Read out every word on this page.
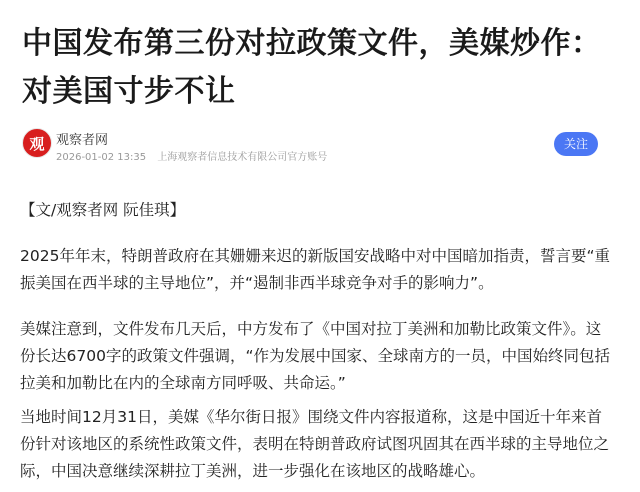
中国发布第三份对拉政策文件，美媒炒作：对美国寸步不让
观 观察者网
2026-01-02 13:35 上海观察者信息技术有限公司官方账号
关注
【文/观察者网 阮佳琪】
2025年年末，特朗普政府在其姗姗来迟的新版国安战略中对中国暗加指责，誓言要“重振美国在西半球的主导地位”，并“遏制非西半球竞争对手的影响力”。
美媒注意到，文件发布几天后，中方发布了《中国对拉丁美洲和加勒比政策文件》。这份长达6700字的政策文件强调，“作为发展中国家、全球南方的一员，中国始终同包括拉美和加勒比在内的全球南方同呼吸、共命运。”
当地时间12月31日，美媒《华尔街日报》围绕文件内容报道称，这是中国近十年来首份针对该地区的系统性政策文件，表明在特朗普政府试图巩固其在西半球的主导地位之际，中国决意继续深耕拉丁美洲，进一步强化在该地区的战略雄心。
